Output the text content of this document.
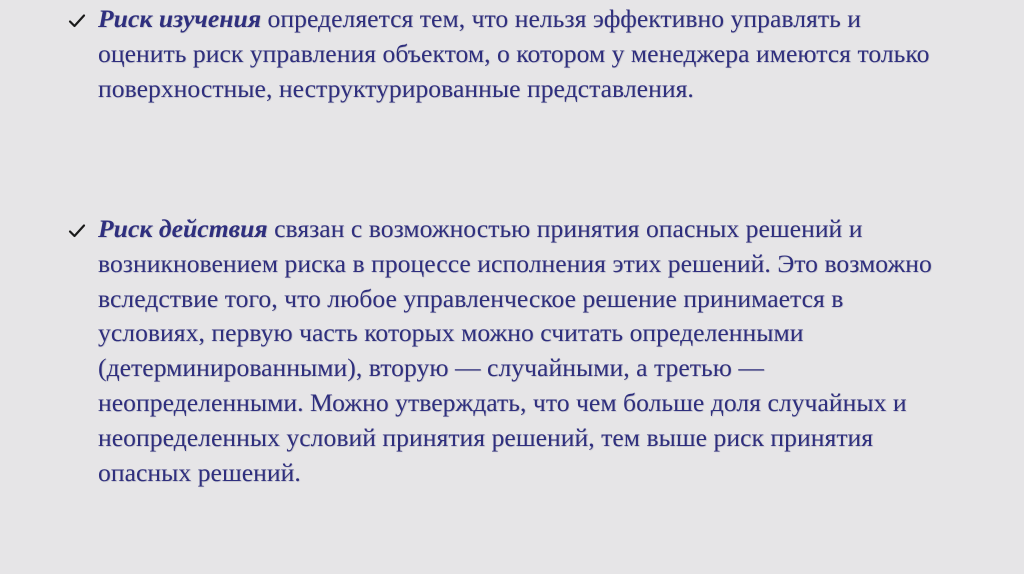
Риск изучения определяется тем, что нельзя эффективно управлять и оценить риск управления объектом, о котором у менеджера имеются только поверхностные, неструктурированные представления.
Риск действия связан с возможностью принятия опасных решений и возникновением риска в процессе исполнения этих решений. Это возможно вследствие того, что любое управленческое решение принимается в условиях, первую часть которых можно считать определенными (детерминированными), вторую — случайными, а третью — неопределенными. Можно утверждать, что чем больше доля случайных и неопределенных условий принятия решений, тем выше риск принятия опасных решений.
